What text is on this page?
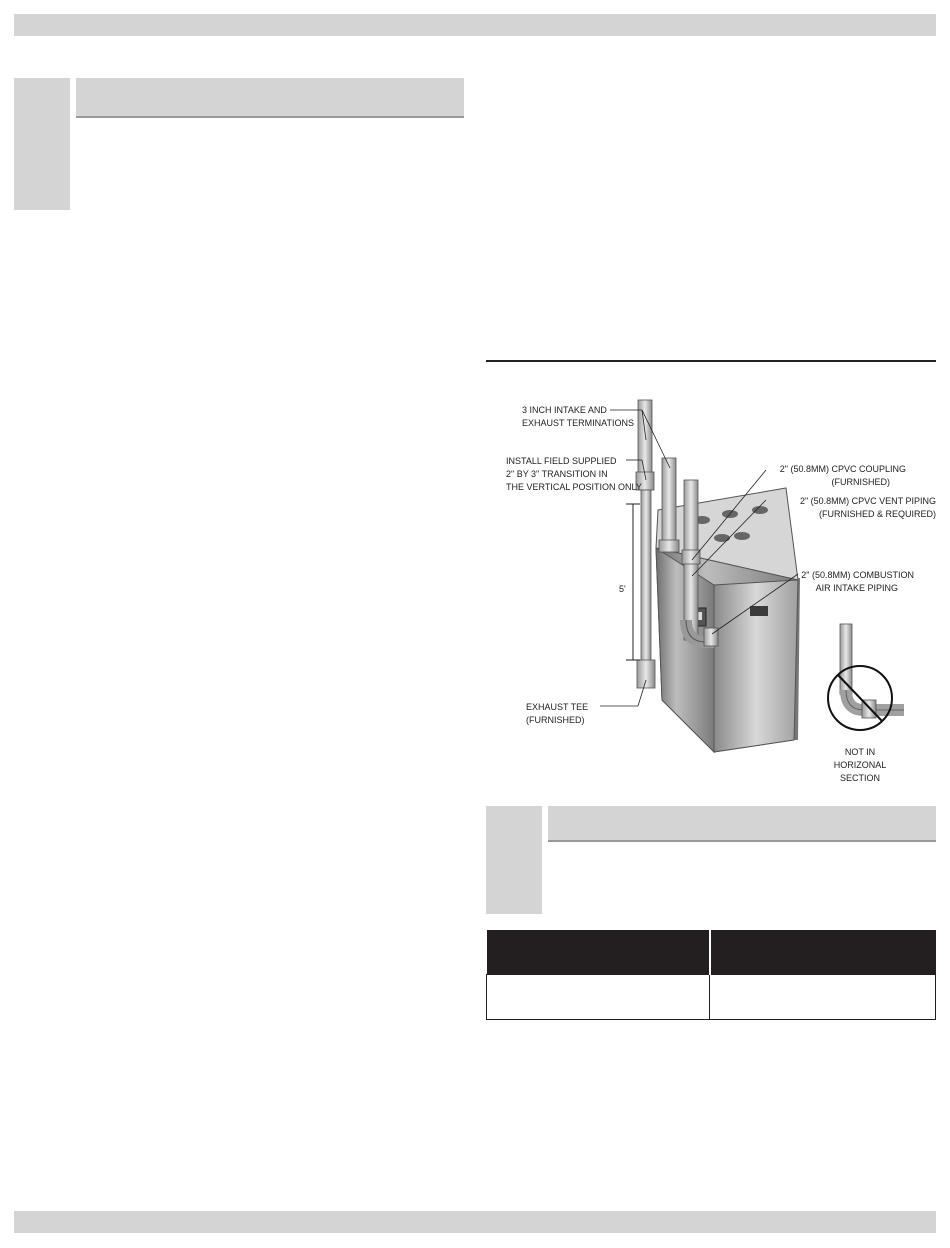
5'
3 INCH INTAKE AND
EXHAUST TERMINATIONS
INSTALL FIELD SUPPLIED
2" BY 3" TRANSITION IN
THE VERTICAL POSITION ONLY
EXHAUST TEE
(FURNISHED)
2" (50.8MM) CPVC COUPLING
(FURNISHED)
2" (50.8MM) CPVC VENT PIPING
(FURNISHED & REQUIRED)
2" (50.8MM) COMBUSTION
AIR INTAKE PIPING
NOT IN
HORIZONAL
SECTION
